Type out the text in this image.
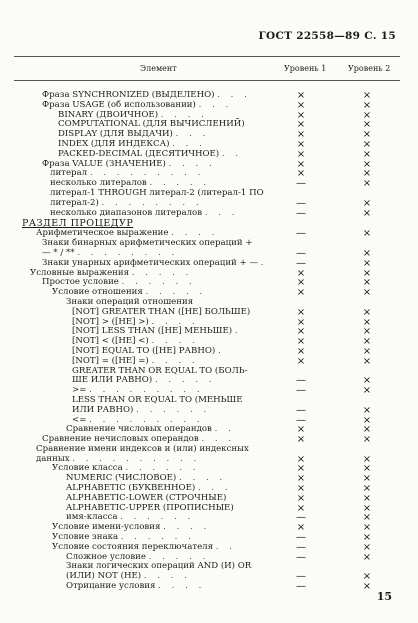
ГОСТ 22558—89 С. 15
Элемент	Уровень 1	Уровень 2
Фраза SYNCHRONIZED (ВЫДЕЛЕНО) . . .	×	×
Фраза USAGE (об использовании) . . .	×	×
BINARY (ДВОИЧНОЕ) . . . .	×	×
COMPUTATIONAL (ДЛЯ ВЫЧИСЛЕНИЙ)	×	×
DISPLAY (ДЛЯ ВЫДАЧИ) . . .	×	×
INDEX (ДЛЯ ИНДЕКСА) . . .	×	×
PACKED-DECIMAL (ДЕСЯТИЧНОЕ) . .	×	×
Фраза VALUE (ЗНАЧЕНИЕ) . . . .	×	×
литерал . . . . . . . . .	×	×
несколько литералов . . . . .	—	×
литерал-1 THROUGH литерал-2 (литерал-1 ПО
литерал-2) . . . . . . . .	—	×
несколько диапазонов литералов . . .	—	×
РАЗДЕЛ ПРОЦЕДУР
Арифметическое выражение . . . .	—	×
Знаки бинарных арифметических операций +
— * / ** . . . . . . . .	—	×
Знаки унарных арифметических операций + — .	—	×
Условные выражения . . . . .	×	×
Простое условие . . . . . .	×	×
Условие отношения . . . . .	×	×
Знаки операций отношения
[NOT] GREATER THAN ([НЕ] БОЛЬШЕ)	×	×
[NOT] > ([НЕ] >) . . . .	×	×
[NOT] LESS THAN ([НЕ] МЕНЬШЕ) .	×	×
[NOT] < ([НЕ] <) . . . .	×	×
[NOT] EQUAL TO ([НЕ] РАВНО) .	×	×
[NOT] = ([НЕ] =) . . . .	×	×
GREATER THAN OR EQUAL TO (БОЛЬ-
ШЕ ИЛИ РАВНО) . . . . .	—	×
>= . . . . . . . . .	—	×
LESS THAN OR EQUAL TO (МЕНЬШЕ
ИЛИ РАВНО) . . . . . .	—	×
<= . . . . . . . . .	—	×
Сравнение числовых операндов . .	×	×
Сравнение нечисловых операндов . . .	×	×
Сравнение имени индексов и (или) индексных
данных . . . . . . . . . .	×	×
Условие класса . . . . . .	×	×
NUMERIC (ЧИСЛОВОЕ) . . . .	×	×
ALPHABETIC (БУКВЕННОЕ) . . .	×	×
ALPHABETIC-LOWER (СТРОЧНЫЕ)	×	×
ALPHABETIC-UPPER (ПРОПИСНЫЕ)	×	×
имя-класса . . . . . .	—	×
Условие имени-условия . . . .	×	×
Условие знака . . . . . .	—	×
Условие состояния переключателя . .	—	×
Сложное условие . . . . .	—	×
Знаки логических операций AND (И) OR
(ИЛИ) NOT (НЕ) . . . .	—	×
Отрицание условия . . . .	—	×
15
